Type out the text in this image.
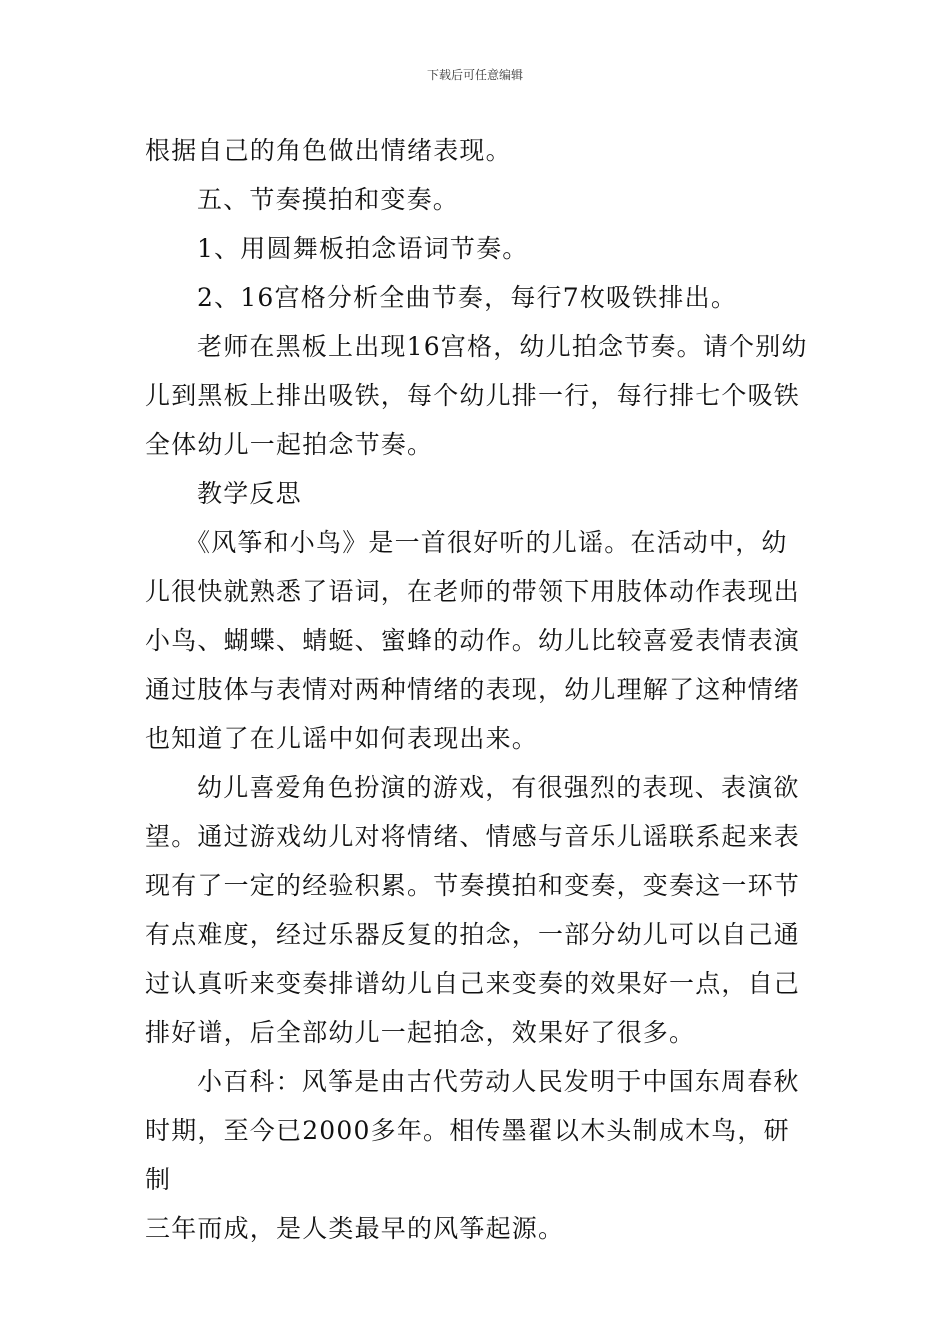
下载后可任意编辑

根据自己的角色做出情绪表现。

五、节奏摸拍和变奏。

1、用圆舞板拍念语词节奏。

2、16宫格分析全曲节奏，每行7枚吸铁排出。

老师在黑板上出现16宫格，幼儿拍念节奏。请个别幼

儿到黑板上排出吸铁，每个幼儿排一行，每行排七个吸铁

全体幼儿一起拍念节奏。

教学反思

《风筝和小鸟》是一首很好听的儿谣。在活动中，幼

儿很快就熟悉了语词，在老师的带领下用肢体动作表现出

小鸟、蝴蝶、蜻蜓、蜜蜂的动作。幼儿比较喜爱表情表演

通过肢体与表情对两种情绪的表现，幼儿理解了这种情绪

也知道了在儿谣中如何表现出来。

幼儿喜爱角色扮演的游戏，有很强烈的表现、表演欲

望。通过游戏幼儿对将情绪、情感与音乐儿谣联系起来表

现有了一定的经验积累。节奏摸拍和变奏，变奏这一环节

有点难度，经过乐器反复的拍念，一部分幼儿可以自己通

过认真听来变奏排谱幼儿自己来变奏的效果好一点，自己

排好谱，后全部幼儿一起拍念，效果好了很多。

小百科：风筝是由古代劳动人民发明于中国东周春秋

时期，至今已2000多年。相传墨翟以木头制成木鸟，研制

三年而成，是人类最早的风筝起源。
